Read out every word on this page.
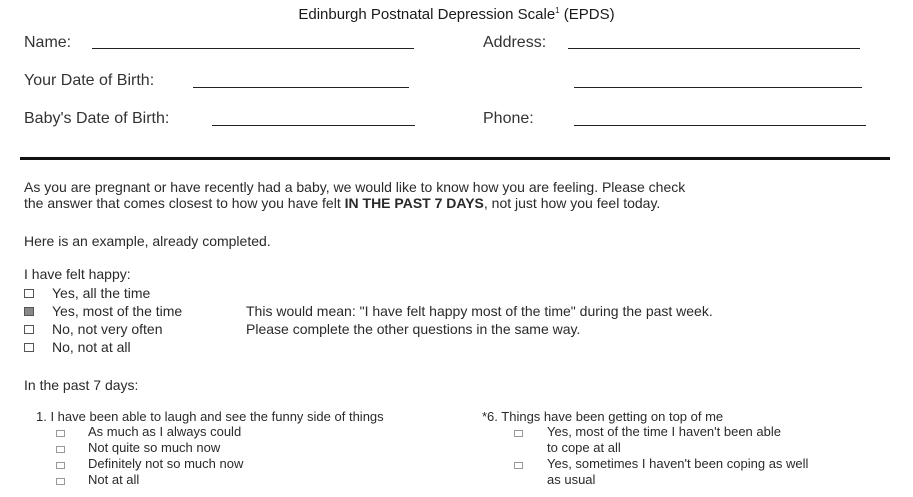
Edinburgh Postnatal Depression Scale$^1$ (EPDS)
Name:	Address:
Your Date of Birth:
Baby's Date of Birth:	Phone:
As you are pregnant or have recently had a baby, we would like to know how you are feeling. Please check
the answer that comes closest to how you have felt IN THE PAST 7 DAYS, not just how you feel today.
Here is an example, already completed.
I have felt happy:
Yes, all the time
Yes, most of the time
No, not very often
No, not at all
This would mean: "I have felt happy most of the time" during the past week.
Please complete the other questions in the same way.
In the past 7 days:
1. I have been able to laugh and see the funny side of things
As much as I always could
Not quite so much now
Definitely not so much now
Not at all
*6. Things have been getting on top of me
Yes, most of the time I haven't been able
to cope at all
Yes, sometimes I haven't been coping as well
as usual
